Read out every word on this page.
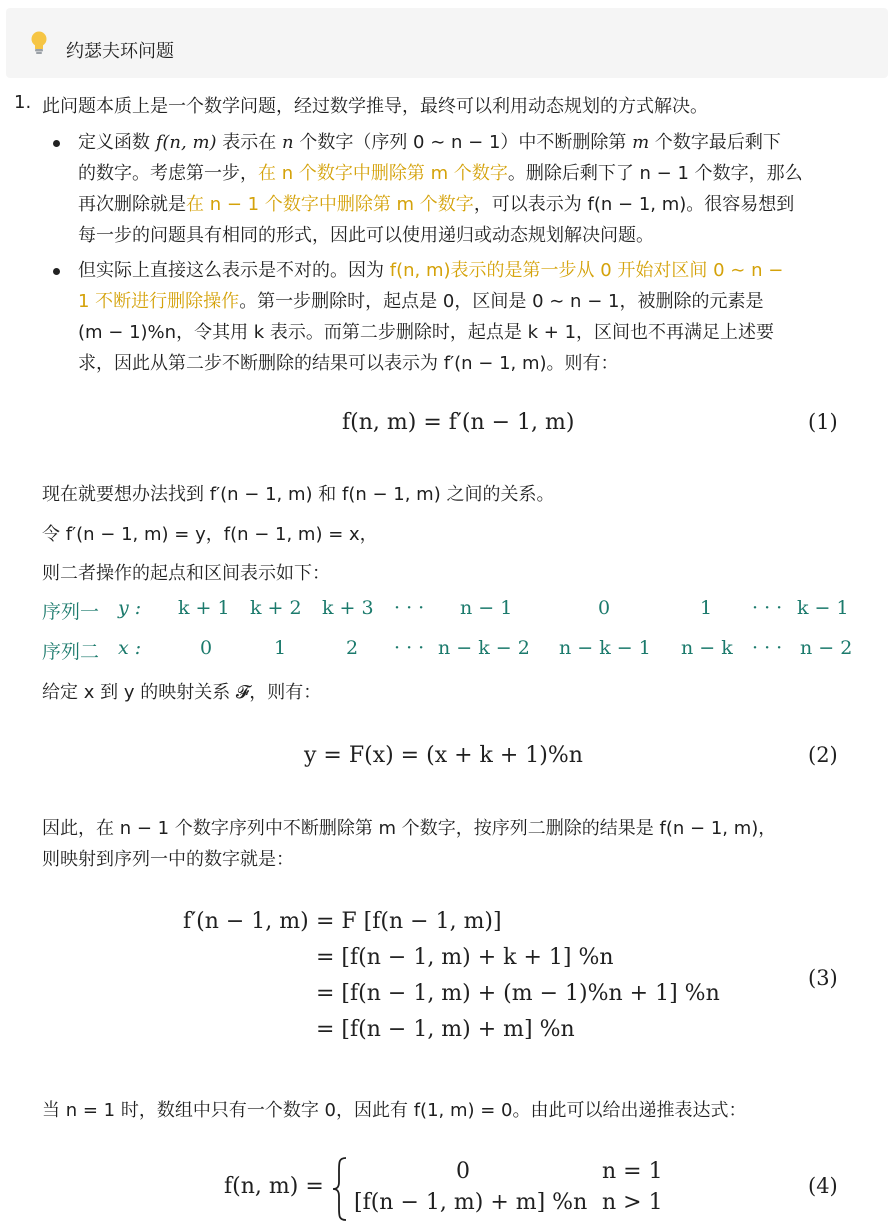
约瑟夫环问题
1. 此问题本质上是一个数学问题，经过数学推导，最终可以利用动态规划的方式解决。
定义函数 f(n, m) 表示在 n 个数字（序列 0 ∼ n − 1）中不断删除第 m 个数字最后剩下
的数字。考虑第一步，在 n 个数字中删除第 m 个数字。删除后剩下了 n − 1 个数字，那么
再次删除就是在 n − 1 个数字中删除第 m 个数字，可以表示为 f(n − 1, m)。很容易想到
每一步的问题具有相同的形式，因此可以使用递归或动态规划解决问题。
但实际上直接这么表示是不对的。因为 f(n, m)表示的是第一步从 0 开始对区间 0 ∼ n −
1 不断进行删除操作。第一步删除时，起点是 0，区间是 0 ∼ n − 1，被删除的元素是
(m − 1)%n，令其用 k 表示。而第二步删除时，起点是 k + 1，区间也不再满足上述要
求，因此从第二步不断删除的结果可以表示为 f′(n − 1, m)。则有：
f(n, m) = f′(n − 1, m)	(1)
现在就要想办法找到 f′(n − 1, m) 和 f(n − 1, m) 之间的关系。
令 f′(n − 1, m) = y，f(n − 1, m) = x，
则二者操作的起点和区间表示如下：
序列一 y : k + 1 k + 2 k + 3 · · · n − 1	0	1 · · · k − 1
序列二 x :	0	1	2 · · · n − k − 2 n − k − 1 n − k · · · n − 2
给定 x 到 y 的映射关系 𝓕，则有：
y = F(x) = (x + k + 1)%n	(2)
因此，在 n − 1 个数字序列中不断删除第 m 个数字，按序列二删除的结果是 f(n − 1, m)，
则映射到序列一中的数字就是：
f′(n − 1, m) = F [f(n − 1, m)]
= [f(n − 1, m) + k + 1] %n
= [f(n − 1, m) + (m − 1)%n + 1] %n
= [f(n − 1, m) + m] %n
(3)
当 n = 1 时，数组中只有一个数字 0，因此有 f(1, m) = 0。由此可以给出递推表达式：
f(n, m) =
0	n = 1
[f(n − 1, m) + m] %n n > 1
(4)
